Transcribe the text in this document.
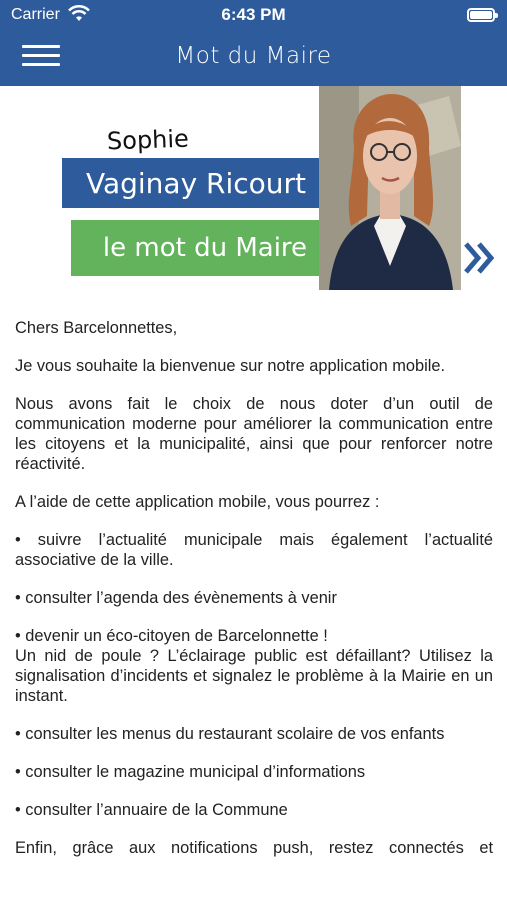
Carrier	6:43 PM
Mot du Maire
Sophie
Vaginay Ricourt
le mot du Maire

Chers Barcelonnettes,

Je vous souhaite la bienvenue sur notre application mobile.

Nous avons fait le choix de nous doter d’un outil de communication moderne pour améliorer la communication entre les citoyens et la municipalité, ainsi que pour renforcer notre réactivité.

A l’aide de cette application mobile, vous pourrez :

• suivre l’actualité municipale mais également l’actualité associative de la ville.

• consulter l’agenda des évènements à venir

• devenir un éco-citoyen de Barcelonnette !

Un nid de poule ? L’éclairage public est défaillant? Utilisez la signalisation d’incidents et signalez le problème à la Mairie en un instant.

• consulter les menus du restaurant scolaire de vos enfants

• consulter le magazine municipal d’informations

• consulter l’annuaire de la Commune

Enfin, grâce aux notifications push, restez connectés et
